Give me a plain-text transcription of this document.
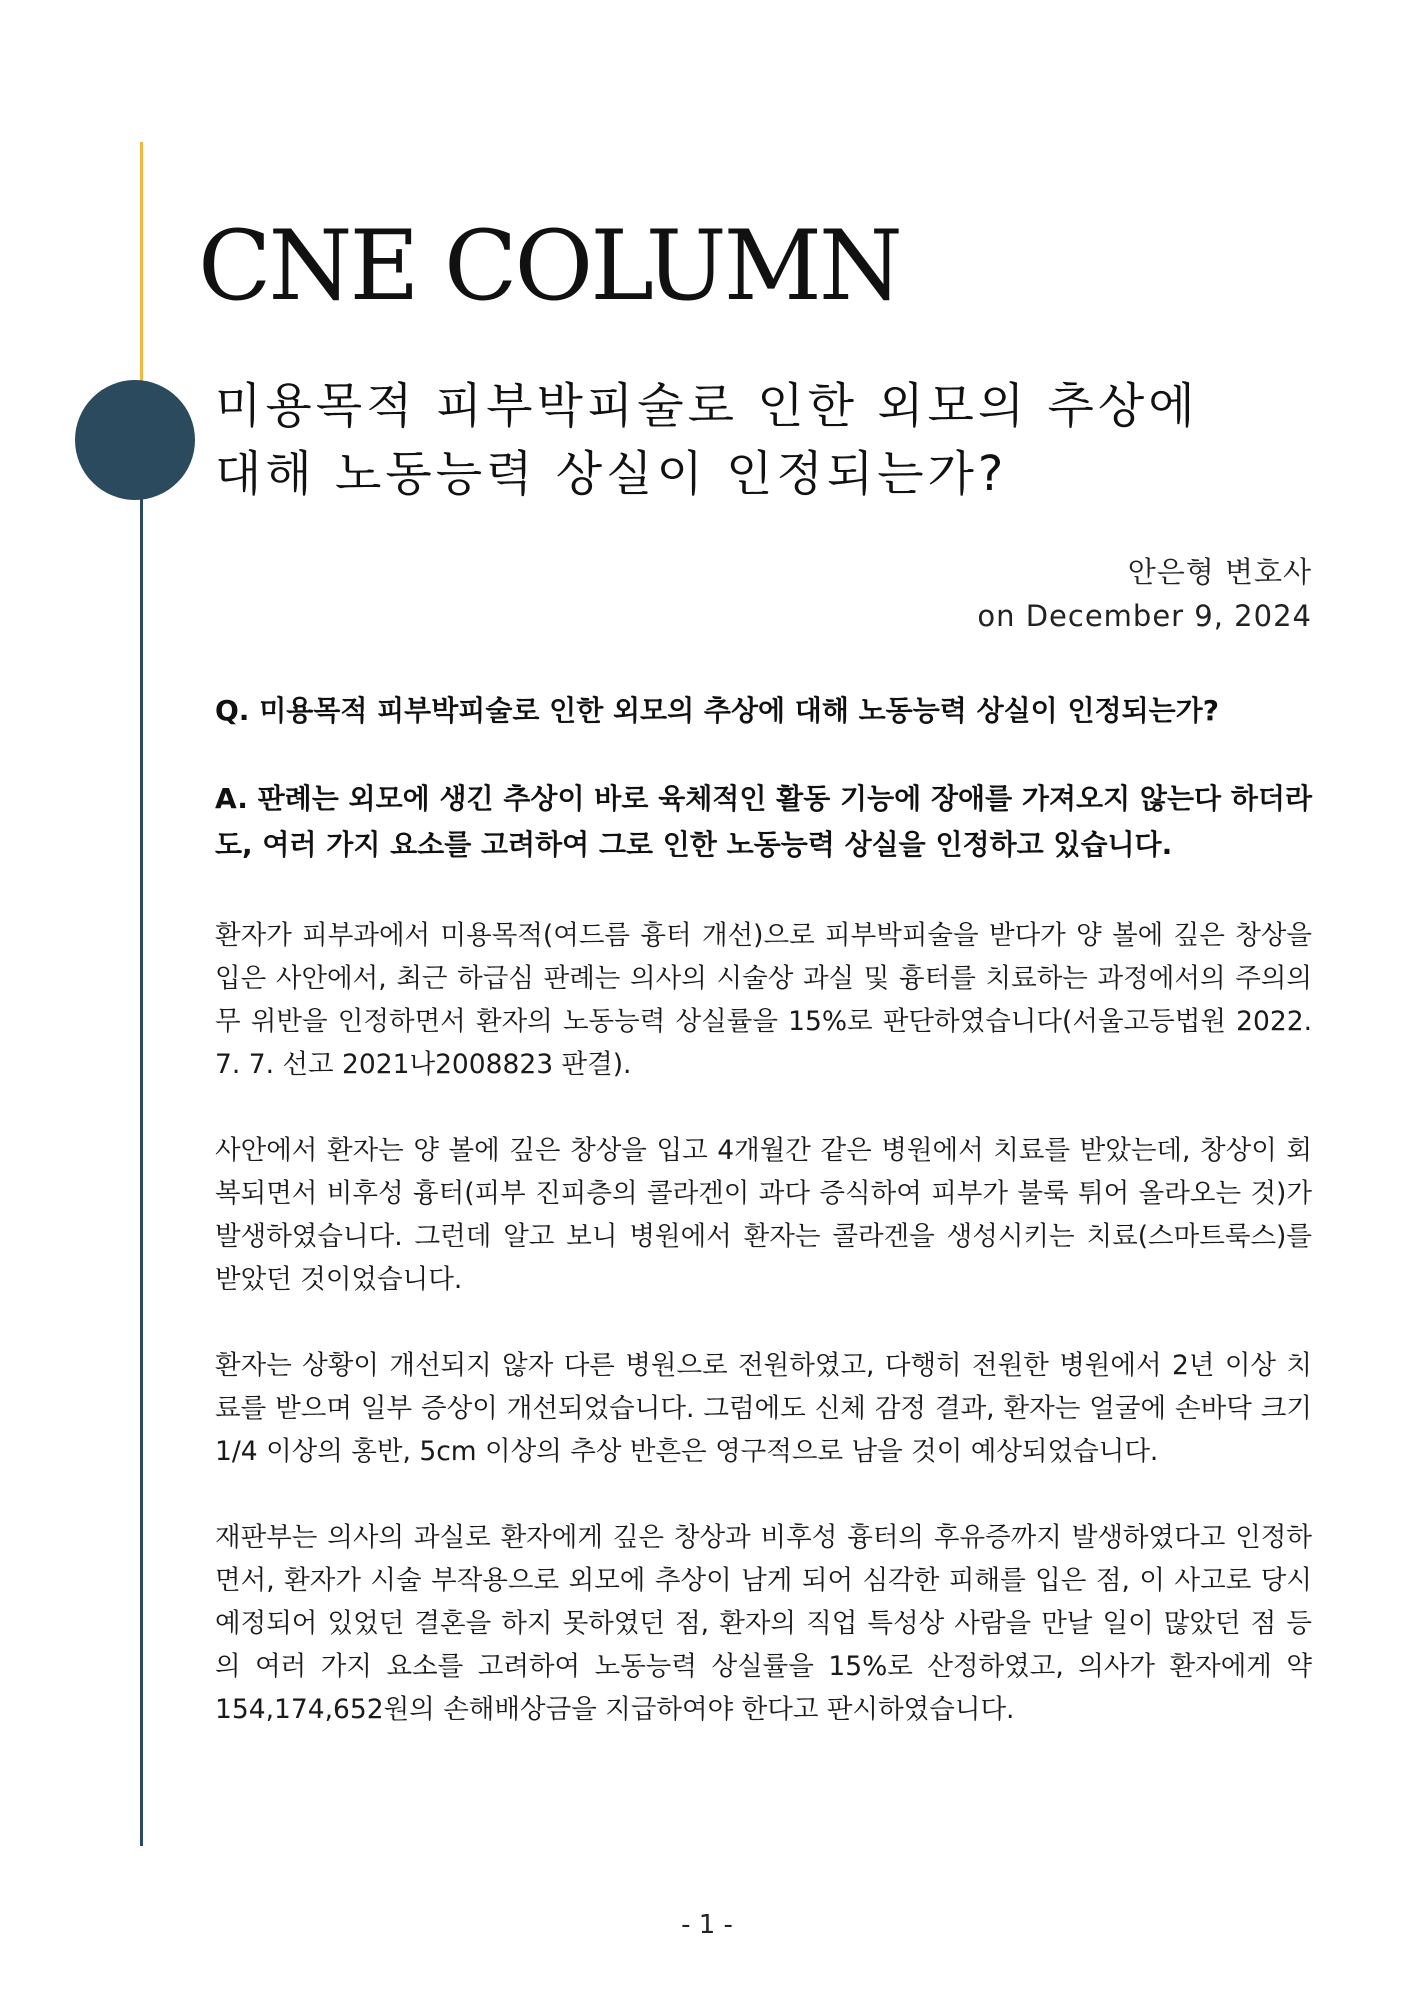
CNE COLUMN
미용목적 피부박피술로 인한 외모의 추상에
대해 노동능력 상실이 인정되는가?
안은형 변호사
on December 9, 2024

Q. 미용목적 피부박피술로 인한 외모의 추상에 대해 노동능력 상실이 인정되는가?

A. 판례는 외모에 생긴 추상이 바로 육체적인 활동 기능에 장애를 가져오지 않는다 하더라도, 여러 가지 요소를 고려하여 그로 인한 노동능력 상실을 인정하고 있습니다.

환자가 피부과에서 미용목적(여드름 흉터 개선)으로 피부박피술을 받다가 양 볼에 깊은 창상을 입은 사안에서, 최근 하급심 판례는 의사의 시술상 과실 및 흉터를 치료하는 과정에서의 주의의무 위반을 인정하면서 환자의 노동능력 상실률을 15%로 판단하였습니다(서울고등법원 2022. 7. 7. 선고 2021나2008823 판결).

사안에서 환자는 양 볼에 깊은 창상을 입고 4개월간 같은 병원에서 치료를 받았는데, 창상이 회복되면서 비후성 흉터(피부 진피층의 콜라겐이 과다 증식하여 피부가 불룩 튀어 올라오는 것)가 발생하였습니다. 그런데 알고 보니 병원에서 환자는 콜라겐을 생성시키는 치료(스마트룩스)를 받았던 것이었습니다.

환자는 상황이 개선되지 않자 다른 병원으로 전원하였고, 다행히 전원한 병원에서 2년 이상 치료를 받으며 일부 증상이 개선되었습니다. 그럼에도 신체 감정 결과, 환자는 얼굴에 손바닥 크기 1/4 이상의 홍반, 5cm 이상의 추상 반흔은 영구적으로 남을 것이 예상되었습니다.

재판부는 의사의 과실로 환자에게 깊은 창상과 비후성 흉터의 후유증까지 발생하였다고 인정하면서, 환자가 시술 부작용으로 외모에 추상이 남게 되어 심각한 피해를 입은 점, 이 사고로 당시 예정되어 있었던 결혼을 하지 못하였던 점, 환자의 직업 특성상 사람을 만날 일이 많았던 점 등의 여러 가지 요소를 고려하여 노동능력 상실률을 15%로 산정하였고, 의사가 환자에게 약 154,174,652원의 손해배상금을 지급하여야 한다고 판시하였습니다.

- 1 -
